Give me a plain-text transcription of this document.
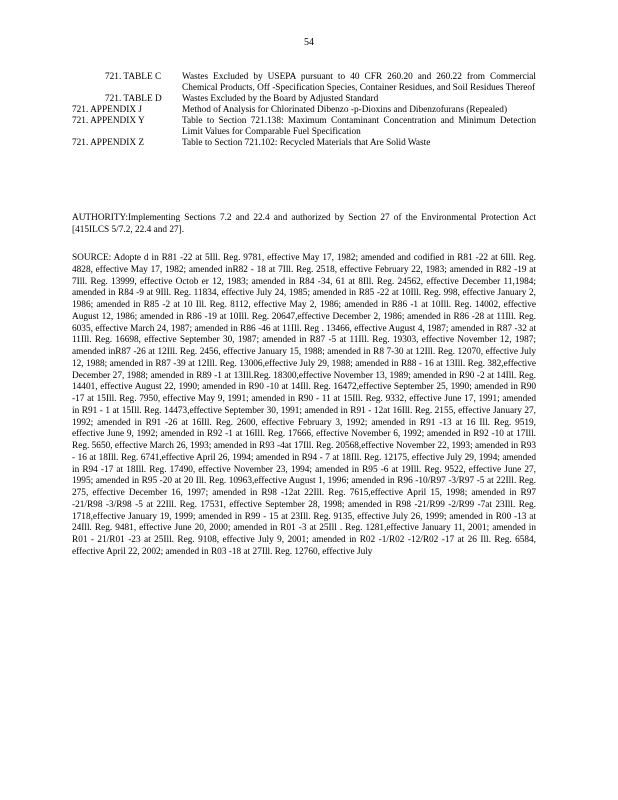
54
721. TABLE C	Wastes Excluded by USEPA pursuant to 40 CFR 260.20 and 260.22 from Commercial Chemical Products, Off -Specification Species, Container Residues, and Soil Residues Thereof
721. TABLE D	Wastes Excluded by the Board by Adjusted Standard
721. APPENDIX J	Method of Analysis for Chlorinated Dibenzo -p-Dioxins and Dibenzofurans (Repealed)
721. APPENDIX Y	Table to Section 721.138: Maximum Contaminant Concentration and Minimum Detection Limit Values for Comparable Fuel Specification
721. APPENDIX Z	Table to Section 721.102: Recycled Materials that Are Solid Waste
AUTHORITY:Implementing Sections 7.2 and 22.4 and authorized by Section 27 of the Environmental Protection Act [415ILCS 5/7.2, 22.4 and 27].
SOURCE: Adopte d in R81 -22 at 5Ill. Reg. 9781, effective May 17, 1982; amended and codified in R81 -22 at 6Ill. Reg. 4828, effective May 17, 1982; amended inR82 - 18 at 7Ill. Reg. 2518, effective February 22, 1983; amended in R82 -19 at 7Ill. Reg. 13999, effective Octob er 12, 1983; amended in R84 -34, 61 at 8Ill. Reg. 24562, effective December 11,1984; amended in R84 -9 at 9Ill. Reg. 11834, effective July 24, 1985; amended in R85 -22 at 10Ill. Reg. 998, effective January 2, 1986; amended in R85 -2 at 10 Ill. Reg. 8112, effective May 2, 1986; amended in R86 -1 at 10Ill. Reg. 14002, effective August 12, 1986; amended in R86 -19 at 10Ill. Reg. 20647,effective December 2, 1986; amended in R86 -28 at 11Ill. Reg. 6035, effective March 24, 1987; amended in R86 -46 at 11Ill. Reg . 13466, effective August 4, 1987; amended in R87 -32 at 11Ill. Reg. 16698, effective September 30, 1987; amended in R87 -5 at 11Ill. Reg. 19303, effective November 12, 1987; amended inR87 -26 at 12Ill. Reg. 2456, effective January 15, 1988; amended in R8 7-30 at 12Ill. Reg. 12070, effective July 12, 1988; amended in R87 -39 at 12Ill. Reg. 13006,effective July 29, 1988; amended in R88 - 16 at 13Ill. Reg. 382,effective December 27, 1988; amended in R89 -1 at 13Ill.Reg. 18300,effective November 13, 1989; amended in R90 -2 at 14Ill. Reg. 14401, effective August 22, 1990; amended in R90 -10 at 14Ill. Reg. 16472,effective September 25, 1990; amended in R90 -17 at 15Ill. Reg. 7950, effective May 9, 1991; amended in R90 - 11 at 15Ill. Reg. 9332, effective June 17, 1991; amended in R91 - 1 at 15Ill. Reg. 14473,effective September 30, 1991; amended in R91 - 12at 16Ill. Reg. 2155, effective January 27, 1992; amended in R91 -26 at 16Ill. Reg. 2600, effective February 3, 1992; amended in R91 -13 at 16 Ill. Reg. 9519, effective June 9, 1992; amended in R92 -1 at 16Ill. Reg. 17666, effective November 6, 1992; amended in R92 -10 at 17Ill. Reg. 5650, effective March 26, 1993; amended in R93 -4at 17Ill. Reg. 20568,effective November 22, 1993; amended in R93 - 16 at 18Ill. Reg. 6741,effective April 26, 1994; amended in R94 - 7 at 18Ill. Reg. 12175, effective July 29, 1994; amended in R94 -17 at 18Ill. Reg. 17490, effective November 23, 1994; amended in R95 -6 at 19Ill. Reg. 9522, effective June 27, 1995; amended in R95 -20 at 20 Ill. Reg. 10963,effective August 1, 1996; amended in R96 -10/R97 -3/R97 -5 at 22Ill. Reg. 275, effective December 16, 1997; amended in R98 -12at 22Ill. Reg. 7615,effective April 15, 1998; amended in R97 -21/R98 -3/R98 -5 at 22Ill. Reg. 17531, effective September 28, 1998; amended in R98 -21/R99 -2/R99 -7at 23Ill. Reg. 1718,effective January 19, 1999; amended in R99 - 15 at 23Ill. Reg. 9135, effective July 26, 1999; amended in R00 -13 at 24Ill. Reg. 9481, effective June 20, 2000; amended in R01 -3 at 25Ill . Reg. 1281,effective January 11, 2001; amended in R01 - 21/R01 -23 at 25Ill. Reg. 9108, effective July 9, 2001; amended in R02 -1/R02 -12/R02 -17 at 26 Ill. Reg. 6584, effective April 22, 2002; amended in R03 -18 at 27Ill. Reg. 12760, effective July
